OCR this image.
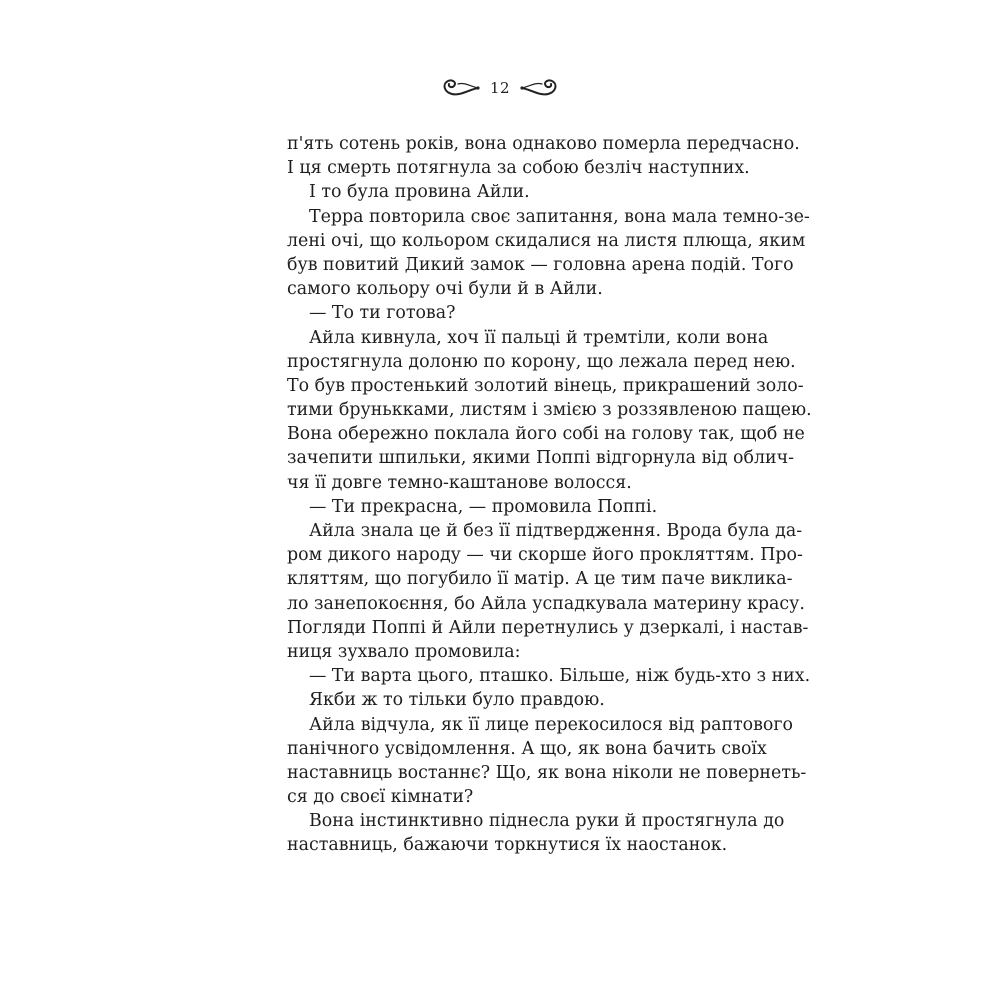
12
п'ять сотень років, вона однаково померла передчасно.
І ця смерть потягнула за собою безліч наступних.
І то була провина Айли.
Терра повторила своє запитання, вона мала темно-зе-
лені очі, що кольором скидалися на листя плюща, яким
був повитий Дикий замок — головна арена подій. Того
самого кольору очі були й в Айли.
— То ти готова?
Айла кивнула, хоч її пальці й тремтіли, коли вона
простягнула долоню по корону, що лежала перед нею.
То був простенький золотий вінець, прикрашений золо-
тими брунькками, листям і змією з роззявленою пащею.
Вона обережно поклала його собі на голову так, щоб не
зачепити шпильки, якими Поппі відгорнула від облич-
чя її довге темно-каштанове волосся.
— Ти прекрасна, — промовила Поппі.
Айла знала це й без її підтвердження. Врода була да-
ром дикого народу — чи скорше його прокляттям. Про-
кляттям, що погубило її матір. А це тим паче виклика-
ло занепокоєння, бо Айла успадкувала материну красу.
Погляди Поппі й Айли перетнулись у дзеркалі, і настав-
ниця зухвало промовила:
— Ти варта цього, пташко. Більше, ніж будь-хто з них.
Якби ж то тільки було правдою.
Айла відчула, як її лице перекосилося від раптового
панічного усвідомлення. А що, як вона бачить своїх
наставниць востаннє? Що, як вона ніколи не повернеть-
ся до своєї кімнати?
Вона інстинктивно піднесла руки й простягнула до
наставниць, бажаючи торкнутися їх наостанок.
